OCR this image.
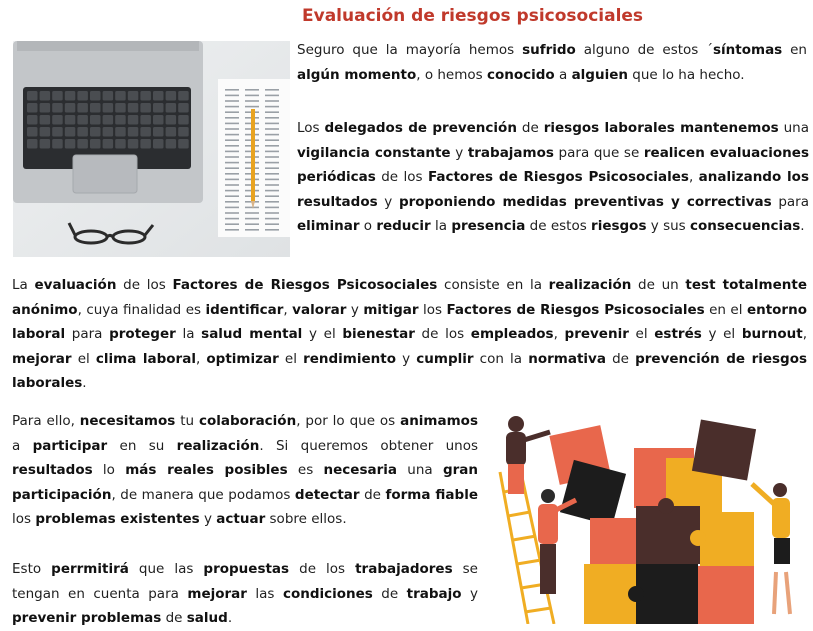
Evaluación de riesgos psicosociales

Seguro que la mayoría hemos sufrido alguno de estos ´síntomas en algún momento, o hemos conocido a alguien que lo ha hecho.

Los delegados de prevención de riesgos laborales mantenemos una vigilancia constante y trabajamos para que se realicen evaluaciones periódicas de los Factores de Riesgos Psicosociales, analizando los resultados y proponiendo medidas preventivas y correctivas para eliminar o reducir la presencia de estos riesgos y sus consecuencias.

La evaluación de los Factores de Riesgos Psicosociales consiste en la realización de un test totalmente anónimo, cuya finalidad es identificar, valorar y mitigar los Factores de Riesgos Psicosociales en el entorno laboral para proteger la salud mental y el bienestar de los empleados, prevenir el estrés y el burnout, mejorar el clima laboral, optimizar el rendimiento y cumplir con la normativa de prevención de riesgos laborales.

Para ello, necesitamos tu colaboración, por lo que os animamos a participar en su realización. Si queremos obtener unos resultados lo más reales posibles es necesaria una gran participación, de manera que podamos detectar de forma fiable los problemas existentes y actuar sobre ellos.

Esto perrmitirá que las propuestas de los trabajadores se tengan en cuenta para mejorar las condiciones de trabajo y prevenir problemas de salud.
